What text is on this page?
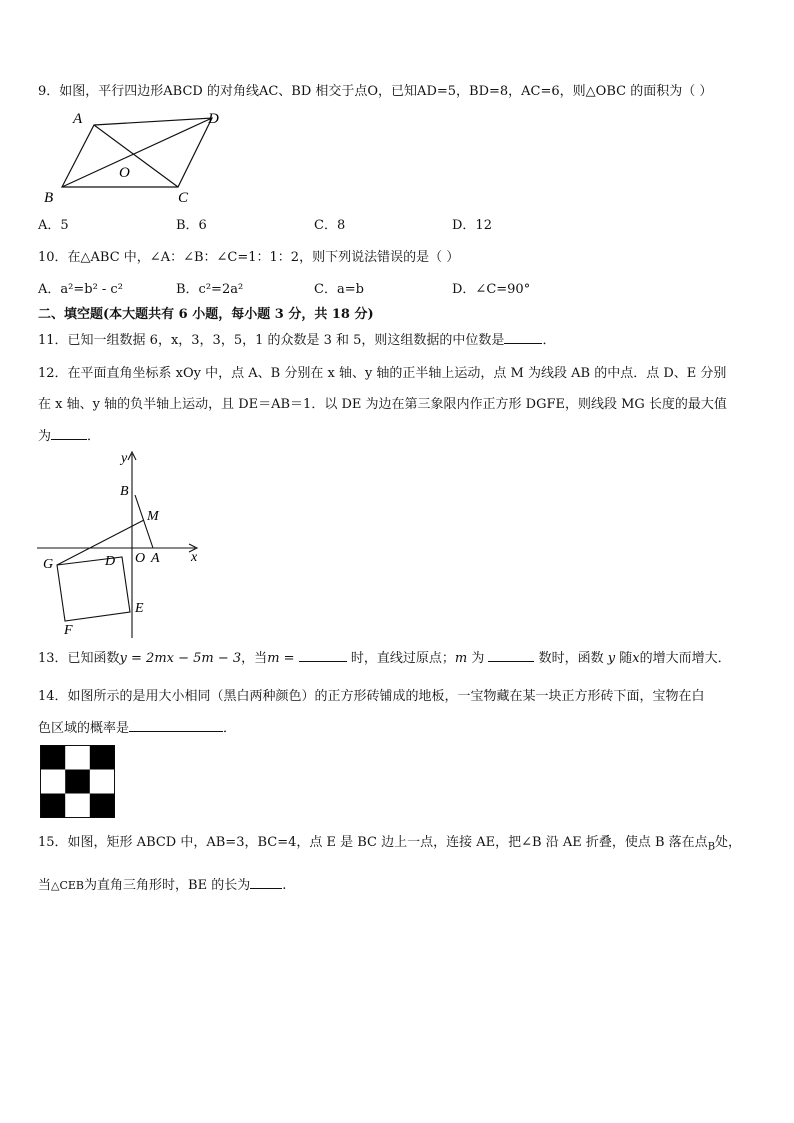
9．如图，平行四边形ABCD 的对角线AC、BD 相交于点O，已知AD=5，BD=8，AC=6，则△OBC 的面积为（ ）
A	D
O
B	C
A．5	B．6	C．8	D．12
10．在△ABC 中，∠A：∠B：∠C=1：1：2，则下列说法错误的是（ ）
A．a²=b² - c²	B．c²=2a²	C．a=b	D．∠C=90°
二、填空题(本大题共有 6 小题，每小题 3 分，共 18 分)
11．已知一组数据 6，x，3，3，5，1 的众数是 3 和 5，则这组数据的中位数是	．
12．在平面直角坐标系 xOy 中，点 A、B 分别在 x 轴、y 轴的正半轴上运动，点 M 为线段 AB 的中点．点 D、E 分别
在 x 轴、y 轴的负半轴上运动，且 DE＝AB＝1．以 DE 为边在第三象限内作正方形 DGFE，则线段 MG 长度的最大值
为	．
y
x
B
M
O A
G	D
E
F
13．已知函数y = 2mx − 5m − 3，当m =	时，直线过原点；m 为	数时，函数 y 随x的增大而增大．
14．如图所示的是用大小相同（黑白两种颜色）的正方形砖铺成的地板，一宝物藏在某一块正方形砖下面，宝物在白
色区域的概率是	．
15．如图，矩形 ABCD 中，AB=3，BC=4，点 E 是 BC 边上一点，连接 AE，把∠B 沿 AE 折叠，使点 B 落在点$_B$处，
当△CEB为直角三角形时，BE 的长为 .
